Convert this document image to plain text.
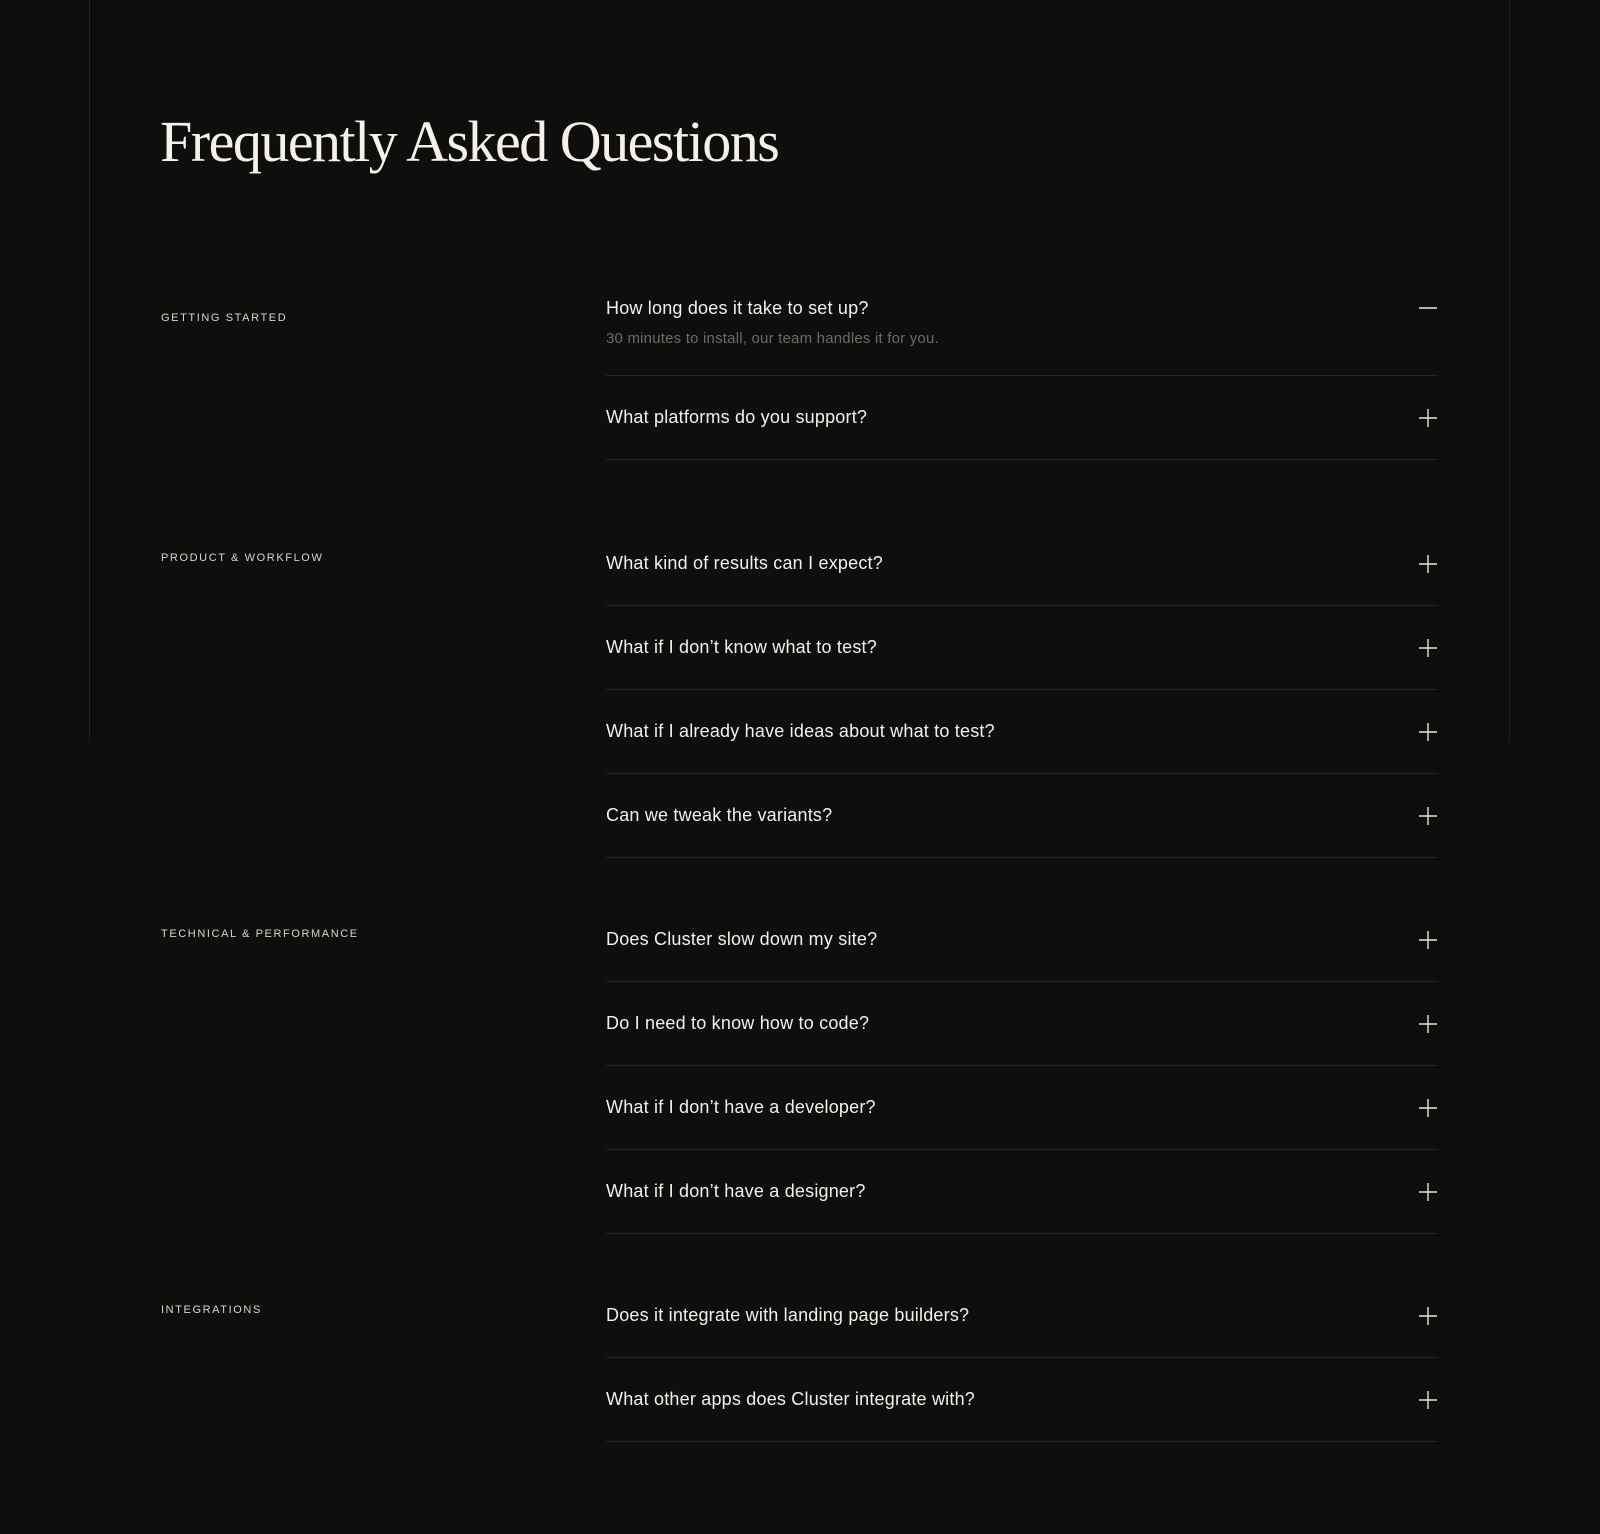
Frequently Asked Questions
GETTING STARTED	How long does it take to set up?
30 minutes to install, our team handles it for you.
What platforms do you support?
PRODUCT & WORKFLOW	What kind of results can I expect?
What if I don’t know what to test?
What if I already have ideas about what to test?
Can we tweak the variants?
TECHNICAL & PERFORMANCE	Does Cluster slow down my site?
Do I need to know how to code?
What if I don’t have a developer?
What if I don’t have a designer?
INTEGRATIONS	Does it integrate with landing page builders?
What other apps does Cluster integrate with?
